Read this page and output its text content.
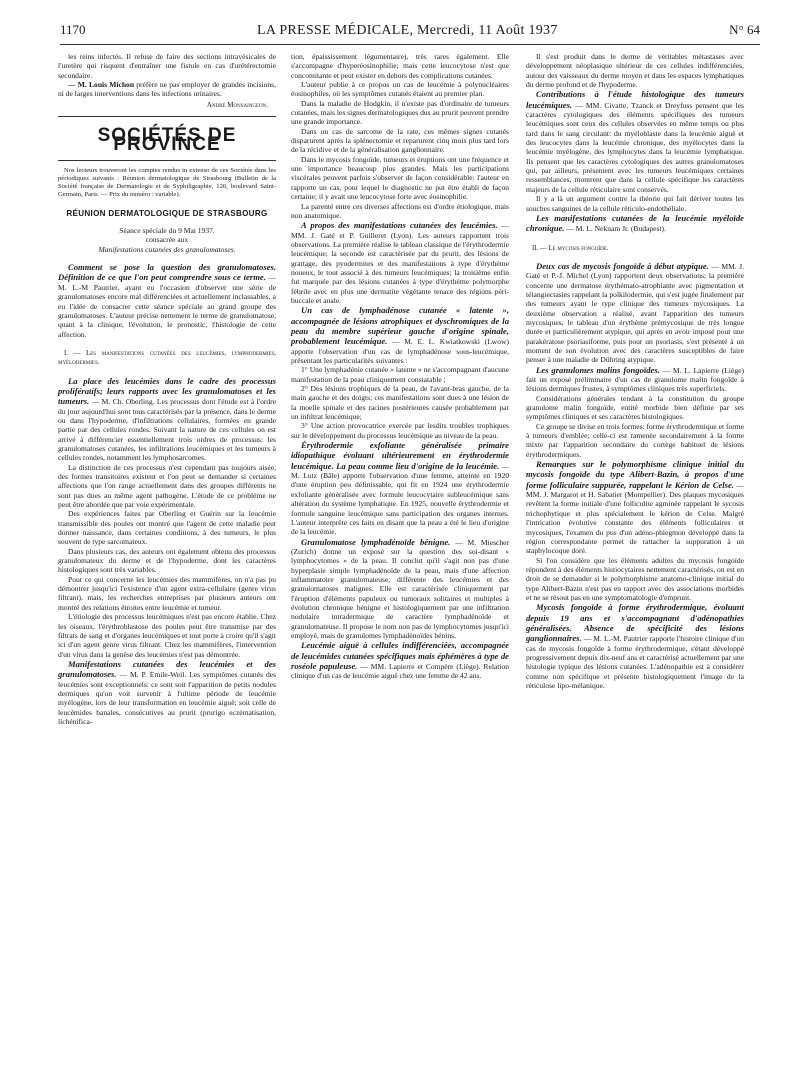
1170	LA PRESSE MÉDICALE, Mercredi, 11 Août 1937	N° 64

les reins infectés. Il refuse de faire des sections intravésicales de l'uretère qui risquent d'entraîner une fistule en cas d'urétérectomie secondaire.

— M. Louis Michon préfère ne pas employer de grandes incisions, ni de larges interventions dans les infections urinaires.

André Monsaingeon.

SOCIÉTÉS DE PROVINCE

Nos lecteurs trouveront les comptes rendus in extenso de ces Sociétés dans les périodiques suivants : Réunion dermatologique de Strasbourg (Bulletin de la Société française de Dermatologie et de Syphiligraphie, 120, boulevard Saint-Germain, Paris. — Prix du numéro : variable).

RÉUNION DERMATOLOGIQUE DE STRASBOURG

Séance spéciale du 9 Mai 1937.

consacrée aux

Manifestations cutanées des granulomatoses.

Comment se pose la question des granulomatoses. Définition de ce que l'on peut comprendre sous ce terme. — M. L.-M Pautrier, ayant eu l'occasion d'observer une série de granulomatoses encore mal différenciées et actuellement inclassables, a eu l'idée de consacrer cette séance spéciale au grand groupe des granulomatoses. L'auteur précise nettement le terme de granulomatose, quant à la clinique, l'évolution, le pronostic, l'histologie de cette affection.

I. — Les manifestations cutanées des leucémies, lymphodermies, myélodermies.

La place des leucémies dans le cadre des processus prolifératifs; leurs rapports avec les granulomatoses et les tumeurs. — M. Ch. Oberling. Les processus dont l'étude est à l'ordre du jour aujourd'hui sont tous caractérisés par la présence, dans le derme ou dans l'hypoderme, d'infiltrations cellulaires, formées en grande partie par des cellules rondes. Suivant la nature de ces cellules on est arrivé à différencier essentiellement trois ordres de processus: les granulomatoses cutanées, les infiltrations leucémiques et les tumeurs à cellules rondes, notamment les lymphosarcomes.

La distinction de ces processus n'est cependant pas toujours aisée, des formes transitoires existent et l'on peut se demander si certaines affections que l'on range actuellement dans des groupes différents ne sont pas dues au même agent pathogène. L'étude de ce problème ne peut être abordée que par voie expérimentale.

Des expériences faites par Oberling et Guérin sur la leucémie transmissible des poules ont montré que l'agent de cette maladie peut donner naissance, dans certaines conditions, à des tumeurs, le plus souvent de type sarcomateux.

Dans plusieurs cas, des auteurs ont également obtenu des processus granulomateux du derme et de l'hypoderme, dont les caractères histologiques sont très variables.

Pour ce qui concerne les leucémies des mammifères, on n'a pas pu démontrer jusqu'ici l'existence d'un agent extra-cellulaire (genre virus filtrant), mais, les recherches entreprises par plusieurs auteurs ont montré des relations étroites entre leucémie et tumeur.

L'étiologie des processus leucémiques n'est pas encore établie. Chez les oiseaux, l'érythroblastose des poules peut être transmise par des filtrats de sang et d'organes leucémiques et tout porte à croire qu'il s'agit ici d'un agent genre virus filtrant. Chez les mammifères, l'intervention d'un virus dans la genèse des leucémies n'est pas démontrée.

Manifestations cutanées des leucémies et des granulomatoses. — M. P. Emile-Weil. Les symptômes cutanés des leucémies sont exceptionnels: ce sont soit l'apparition de petits nodules dermiques qu'on voit survenir à l'ultime période de leucémie myélogène, lors de leur transformation en leucémie aiguë; soit celle de leucémides banales, consécutives au prurit (prurigo eczématisation, lichénifica-

tion, épaississement légumentaire), très rares également. Elle s'accompagne d'hyperéosinophilie; mais cette leucocytose n'est que concomitante et peut exister en dehors des complications cutanées.

L'auteur publie à ce propos un cas de leucémie à polynucléaires éosinophiles, où les symptômes cutanés étaient au premier plan.

Dans la maladie de Hodgkin, il n'existe pas d'ordinaire de tumeurs cutanées, mais les signes dermatologiques dus au prurit peuvent prendre une grande importance.

Dans un cas de sarcome de la rate, ces mêmes signes cutanés disparurent après la splénectomie et reparurent cinq mois plus tard lors de la récidive et de la généralisation ganglionnaire.

Dans le mycosis fongoïde, tumeurs et éruptions ont une fréquence et une importance beaucoup plus grandes. Mais les participations viscérales peuvent parfois s'observer de façon considérable: l'auteur en rapporte un cas, pour lequel le diagnostic ne put être établi de façon certaine; il y avait une leucocytose forte avec éosinophilie.

La parenté entre ces diverses affections est d'ordre étiologique, mais non anatomique.

A propos des manifestations cutanées des leucémies. — MM. J. Gaté et P. Guilleret (Lyon). Les auteurs rapportent trois observations. La première réalise le tableau classique de l'érythrodermie leucémique; la seconde est caractérisée par du prurit, des lésions de grattage, des pyodermites et des manifestations à type d'érythème noueux, le tout associé à des tumeurs leucémiques; la troisième enfin fut marquée par des lésions cutanées à type d'érythème polymorphe fébrile avec en plus une dermatite végétante tenace des régions péri-buccale et anale.

Un cas de lymphadénose cutanée « latente », accompagnée de lésions atrophiques et dyschromiques de la peau du membre supérieur gauche d'origine spinale, probablement leucémique. — M. E. L. Kwiatkowski (Lwow) apporte l'observation d'un cas de lymphadénose sous-leucémique, présentant les particularités suivantes :

1° Une lymphadénie cutanée « latente » ne s'accompagnant d'aucune manifestation de la peau cliniquement constatable ;

2° Des lésions trophiques de la peau, de l'avant-bras gauche, de la main gauche et des doigts; ces manifestations sont dues à une lésion de la moelle spinale et des racines postérieures causée probablement par un infiltrat leucémique;

3° Une action provocatrice exercée par lesdits troubles trophiques sur le développement du processus leucémique au niveau de la peau.

Érythrodermie exfoliante généralisée primaire idiopathique évoluant ultérieurement en érythrodermie leucémique. La peau comme lieu d'origine de la leucémie. — M. Lutz (Bâle) apporte l'observation d'une femme, atteinte en 1920 d'une éruption peu définissable, qui fit en 1924 une érythrodermie exfoliante généralisée avec formule leucocytaire subleucémique sans altération du système lymphatique. En 1925, nouvelle érythrodermie et formule sanguine leucémique sans participation des organes internes. L'auteur interprète ces faits en disant que la peau a été le lieu d'origine de la leucémie.

Granulomatose lymphadénoïde bénigne. — M. Miescher (Zurich) donne un exposé sur la question des soi-disant « lymphocytomes » de la peau. Il conclut qu'il s'agit non pas d'une hyperplasie simple lymphadénoïde de la peau, mais d'une affection inflammatoire granulomateuse, différente des leucémies et des granulomatoses malignes. Elle est caractérisée cliniquement par l'éruption d'éléments papuleux ou tumoraux solitaires et multiples à évolution chronique bénigne et histologiquement par une infiltration nodulaire intradermique de caractère lymphadénoïde et granulomateuse. Il propose le nom non pas de lymphocytomes jusqu'ici employé, mais de granulomes lymphadénoïdes bénins.

Leucémie aiguë à cellules indifférenciées, accompagnée de leucémides cutanées spécifiques mais éphémères à type de roséole papuleuse. — MM. Lapierre et Compère (Liège). Relation clinique d'un cas de leucémie aiguë chez une femme de 42 ans.

Il s'est produit dans le derme de véritables métastases avec développement néoplasique ultérieur de ces cellules indifférenciées, autour des vaisseaux du derme moyen et dans les espaces lymphatiques du derme profond et de l'hypoderme.

Contributions à l'étude histologique des tumeurs leucémiques. — MM. Civatte, Tzanck et Dreyfuss pensent que les caractères cytologiques des éléments spécifiques des tumeurs leucémiques sont ceux des cellules observées en même temps ou plus tard dans le sang circulant: du myéloblaste dans la leucémie aiguë et des leucocytes dans la leucémie chronique, des myélocytes dans la leucémie myélogène, des lymphocytes dans la leucémie lymphatique. Ils pensent que les caractères cytologiques des autres granulomatoses qui, par ailleurs, présentent avec les tumeurs leucémiques certaines ressemblances, montrent que dans la cellule spécifique les caractères majeurs de la cellule réticulaire sont conservés.

Il y a là un argument contre la théorie qui fait dériver toutes les souches sanguines de la cellule réticulo-endothéliale.

Les manifestations cutanées de la leucémie myéloïde chronique. — M. L. Neknam Jr. (Budapest).

II. — Le mycosis fongoïde.

Deux cas de mycosis fongoïde à début atypique. — MM. J. Gaté et P.-J. Michel (Lyon) rapportent deux observations; la première concerne une dermatose érythémato-atrophiante avec pigmentation et télangiectasies rappelant la poïkilodermie, qui s'est jugée finalement par des tumeurs ayant le type clinique des tumeurs mycosiques. La deuxième observation a réalisé, avant l'apparition des tumeurs mycosiques, le tableau d'un érythème prémycosique de très longue durée et particulièrement atypique, qui après en avoir imposé pour une parakératose psoriasiforme, puis pour un psoriasis, s'est présenté à un moment de son évolution avec des caractères susceptibles de faire penser à une maladie de Dühring atypique.

Les granulomes malins fongoïdes. — M. L. Lapierre (Liège) fait un exposé préliminaire d'un cas de granulome malin fongoïde à lésions dermiques frustes, à symptômes cliniques très superficiels.

Considérations générales tendant à la constitution du groupe granulome malin fongoïde, entité morbide bien définie par ses symptômes cliniques et ses caractères histologiques.

Ce groupe se divise en trois formes: forme érythrodermique et forme à tumeurs d'emblée; celle-ci est ramenée secondairement à la forme mixte par l'apparition secondaire du cortège habituel de lésions érythrodermiques.

Remarques sur le polymorphisme clinique initial du mycosis fongoïde du type Alibert-Bazin, à propos d'une forme folliculaire suppurée, rappelant le Kérion de Celse. — MM. J. Margarot et H. Sabatier (Montpellier). Des plaques mycosiques revêtent la forme initiale d'une folliculite agminée rappelant le sycosis trichophytique et plus spécialement le kérion de Celse. Malgré l'intrication évolutive constante des éléments folliculaires et mycosiques, l'examen du pus d'un adéno-phlegmon développé dans la région correspondante permet de rattacher la suppuration à un staphylocoque doré.

Si l'on considère que les éléments adultes du mycosis fongoïde répondent à des éléments histiocytaires nettement caractérisés, on est en droit de se demander si le polymorphisme anatomo-clinique initial du type Alibert-Bazin n'est pas en rapport avec des associations morbides et ne se résout pas en une symptomatologie d'emprunt.

Mycosis fongoïde à forme érythrodermique, évoluant depuis 19 ans et s'accompagnant d'adénopathies généralisées. Absence de spécificité des lésions ganglionnaires. — M. L.-M. Pautrier rapporte l'histoire clinique d'un cas de mycosis fongoïde à forme érythrodermique, s'étant développé progressivement depuis dix-neuf ans et caractérisé actuellement par une histologie typique des lésions cutanées. L'adénopathie est à considérer comme non spécifique et présente histologiquement l'image de la réticulose lipo-mélanique.
